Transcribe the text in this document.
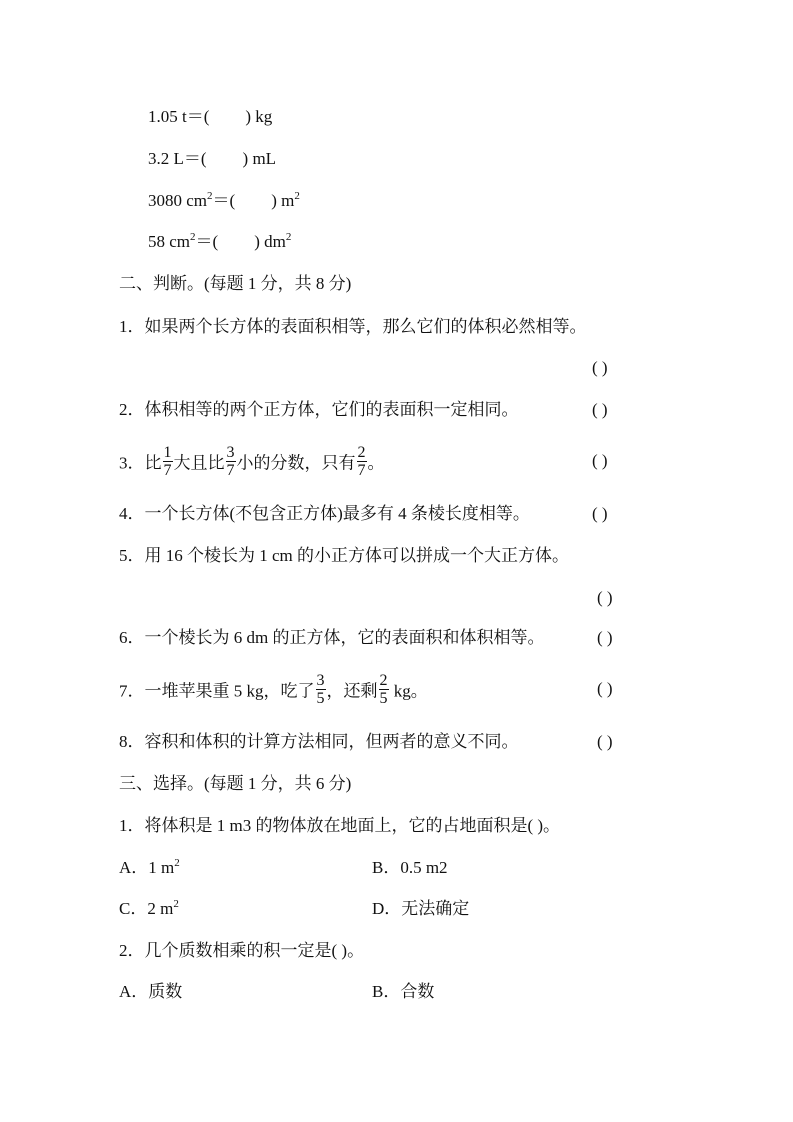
1.05 t＝( ) kg
3.2 L＝( ) mL
3080 $cm^2=$( ) $m^2$
58 $cm^2=$( ) $dm^2$
二、判断。(每题 1 分，共 8 分)
1．如果两个长方体的表面积相等，那么它们的体积必然相等。
( )
2．体积相等的两个正方体，它们的表面积一定相同。	( )
3．比 $\frac{1}{7}$ 大且比 $\frac{3}{7}$ 小的分数，只有 $\frac{2}{7}$ 。	( )
4．一个长方体(不包含正方体)最多有 4 条棱长度相等。	( )
5．用 16 个棱长为 1 cm 的小正方体可以拼成一个大正方体。
( )
6．一个棱长为 6 dm 的正方体，它的表面积和体积相等。	( )
7．一堆苹果重 5 kg，吃了 $\frac{3}{5}$ ，还剩 $\frac{2}{5}$ kg。	( )
8．容积和体积的计算方法相同，但两者的意义不同。	( )
三、选择。(每题 1 分，共 6 分)
1．将体积是 1 m3 的物体放在地面上，它的占地面积是( )。
A．1 $m^2$	B．0.5 m2
C．2 $m^2$	D．无法确定
2．几个质数相乘的积一定是( )。
A．质数	B．合数
